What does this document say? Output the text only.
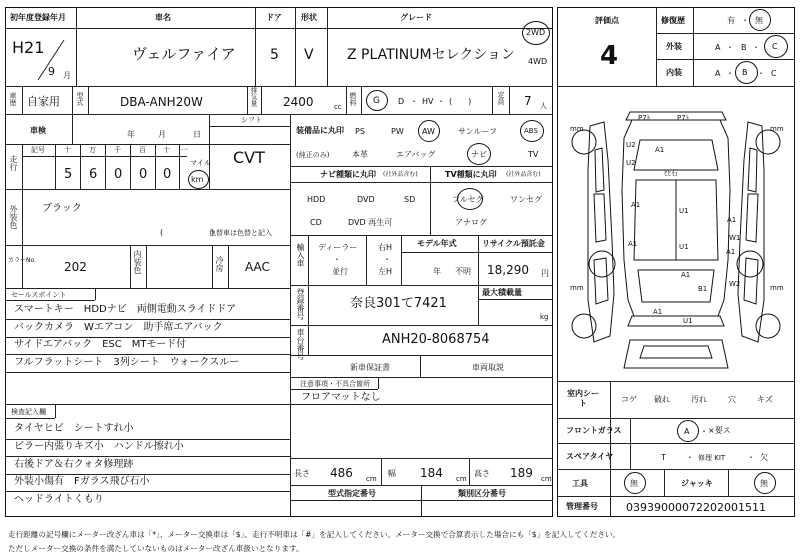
初年度登録年月	車名	ドア 形状	グレード
H21
9 月
ヴェルファイア 5 V Z PLATINUMセレクション
2WD
4WD
車歴 自家用 型式	DBA-ANH20W	排気量 2400	cc
燃料 G D ・ HV ・ (　　)	定員 7 人
車検	年	月	日
シフト
CVT
走行
記号	十	万	千	百 十 一
マイル
5 6 0 0 0 km
外装色 ブラック
(　　　　　　)
色替車は色替と記入
カラーNo. 202	内装色	冷房 AAC
セールスポイント
スマートキー　HDDナビ　両側電動スライドドア
バックカメラ　Wエアコン　助手席エアバック
サイドエアバック　ESC　MTモード付
フルフラットシート　3列シート　ウォークスルー
検査記入欄
タイヤヒビ　シートすれ小
ピラー内張りキズ小　ハンドル擦れ小
右後ドア＆右クォタ修理跡
外装小傷有　Fガラス飛び石小
ヘッドライトくもり
装備品に丸印
(純正のみ)
PS	PW AW	サンルーフ	ABS
本革	エアバッグ	ナビ	TV
ナビ種類に丸印 (社外品含む)	TV種類に丸印 (社外品含む)
HDD	DVD	SD
CD	DVD 再生可
フルセグ	ワンセグ
アナログ
輸入車 ディーラー
並行
・
右H
・
左H
モデル年式
年 不明
リサイクル預託金
18,290 円
登録番号	奈良301て7421
最大積載量
kg
車台番号	ANH20-8068754
新車保証書	車両取説
注意事項・不具合箇所
フロアマットなし
長さ 486 cm
幅 184 cm
高さ 189 cm
型式指定番号	類別区分番号
評価点
4
修復歴	有 ・ 無
外装	A ・ B ・ C
内装	A ・ B ・ C
mm	mm
mm	mm
P7ﾄ	P7ﾄ
U2
U2
A1
ﾋﾋ石
A1
U1
A1
W1
A1	U1
A1
A1
B1
W2
A1
U1
室内シート	コゲ 破れ	汚れ	穴	キズ
フロントガラス	A ・ ×要ス
スペアタイヤ	T	・ 修理 KIT	・ 欠
工具	無	ジャッキ	無
管理番号	03939000072202001511
走行距離の記号欄にメーター改ざん車は「*」、メーター交換車は「$」、走行不明車は「#」を記入してください。メーター交換で合算表示した場合にも「$」を記入してください。
ただしメーター交換の条件を満たしていないものはメーター改ざん車扱いとなります。
